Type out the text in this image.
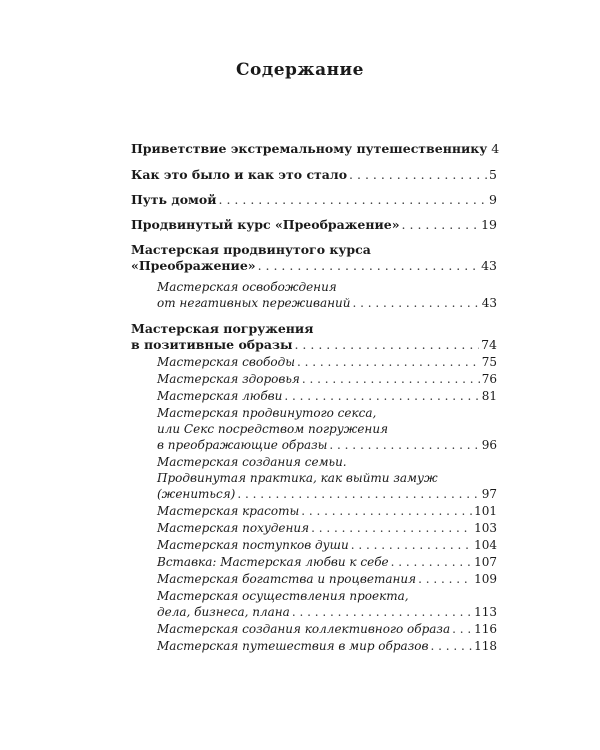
Содержание
Приветствие экстремальному путешественнику 4
Как это было и как это стало . . .	5
Путь домой . . .	9
Продвинутый курс «Преображение» . . .	19
Мастерская продвинутого курса
«Преображение» . . .	43
Мастерская освобождения
от негативных переживаний . . .	43
Мастерская погружения
в позитивные образы . . .	74
Мастерская свободы . . .	75
Мастерская здоровья . . .	76
Мастерская любви . . .	81
Мастерская продвинутого секса,
или Секс посредством погружения
в преображающие образы . . .	96
Мастерская создания семьи.
Продвинутая практика, как выйти замуж
(жениться) . . .	97
Мастерская красоты . . .	101
Мастерская похудения . . .	103
Мастерская поступков души . . .	104
Вставка: Мастерская любви к себе . . .	107
Мастерская богатства и процветания . . .	109
Мастерская осуществления проекта,
дела, бизнеса, плана . . .	113
Мастерская создания коллективного образа . . . 116
Мастерская путешествия в мир образов . . .	118
